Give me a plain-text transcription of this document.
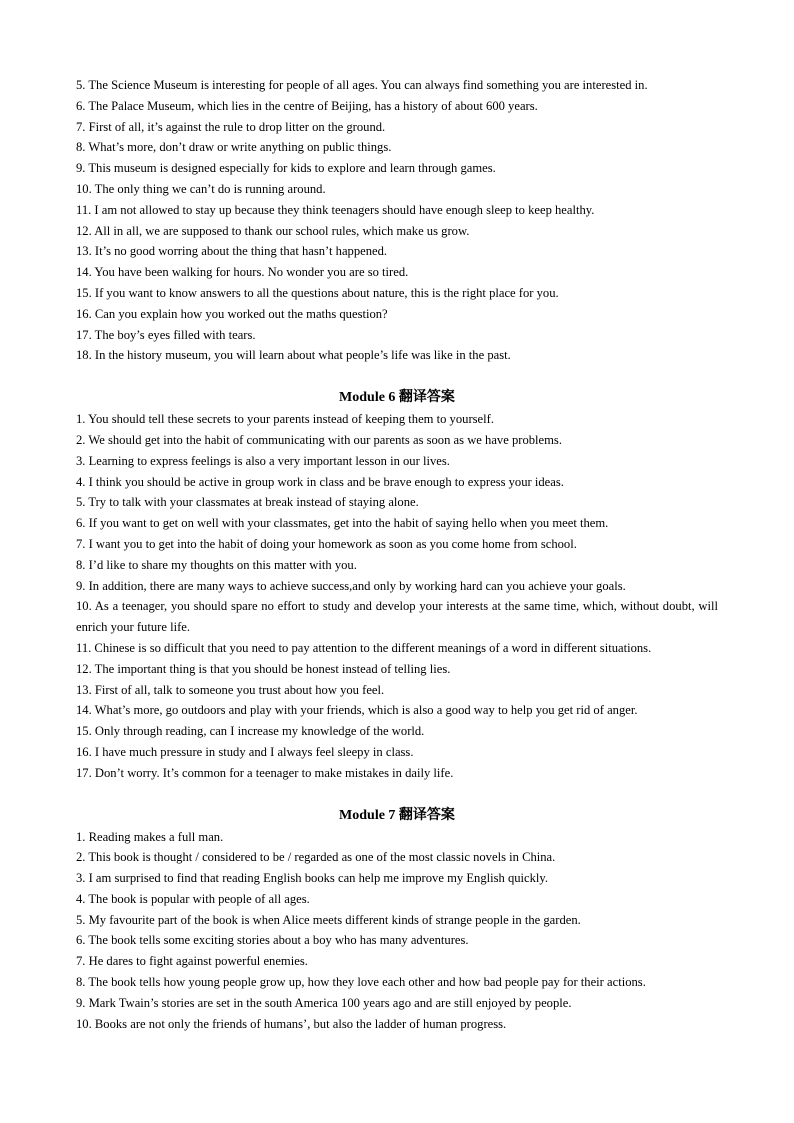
5. The Science Museum is interesting for people of all ages. You can always find something you are interested in.
6. The Palace Museum, which lies in the centre of Beijing, has a history of about 600 years.
7. First of all, it’s against the rule to drop litter on the ground.
8. What’s more, don’t draw or write anything on public things.
9. This museum is designed especially for kids to explore and learn through games.
10. The only thing we can’t do is running around.
11. I am not allowed to stay up because they think teenagers should have enough sleep to keep healthy.
12. All in all, we are supposed to thank our school rules, which make us grow.
13. It’s no good worring about the thing that hasn’t happened.
14. You have been walking for hours. No wonder you are so tired.
15. If you want to know answers to all the questions about nature, this is the right place for you.
16. Can you explain how you worked out the maths question?
17. The boy’s eyes filled with tears.
18. In the history museum, you will learn about what people’s life was like in the past.
Module 6 翻译答案
1. You should tell these secrets to your parents instead of keeping them to yourself.
2. We should get into the habit of communicating with our parents as soon as we have problems.
3. Learning to express feelings is also a very important lesson in our lives.
4. I think you should be active in group work in class and be brave enough to express your ideas.
5. Try to talk with your classmates at break instead of staying alone.
6. If you want to get on well with your classmates, get into the habit of saying hello when you meet them.
7. I want you to get into the habit of doing your homework as soon as you come home from school.
8. I’d like to share my thoughts on this matter with you.
9. In addition, there are many ways to achieve success,and only by working hard can you achieve your goals.
10. As a teenager, you should spare no effort to study and develop your interests at the same time, which, without doubt, will enrich your future life.
11. Chinese is so difficult that you need to pay attention to the different meanings of a word in different situations.
12. The important thing is that you should be honest instead of telling lies.
13. First of all, talk to someone you trust about how you feel.
14. What’s more, go outdoors and play with your friends, which is also a good way to help you get rid of anger.
15. Only through reading, can I increase my knowledge of the world.
16. I have much pressure in study and I always feel sleepy in class.
17. Don’t worry. It’s common for a teenager to make mistakes in daily life.
Module 7 翻译答案
1. Reading makes a full man.
2. This book is thought / considered to be / regarded as one of the most classic novels in China.
3. I am surprised to find that reading English books can help me improve my English quickly.
4. The book is popular with people of all ages.
5. My favourite part of the book is when Alice meets different kinds of strange people in the garden.
6. The book tells some exciting stories about a boy who has many adventures.
7. He dares to fight against powerful enemies.
8. The book tells how young people grow up, how they love each other and how bad people pay for their actions.
9. Mark Twain’s stories are set in the south America 100 years ago and are still enjoyed by people.
10. Books are not only the friends of humans’, but also the ladder of human progress.
